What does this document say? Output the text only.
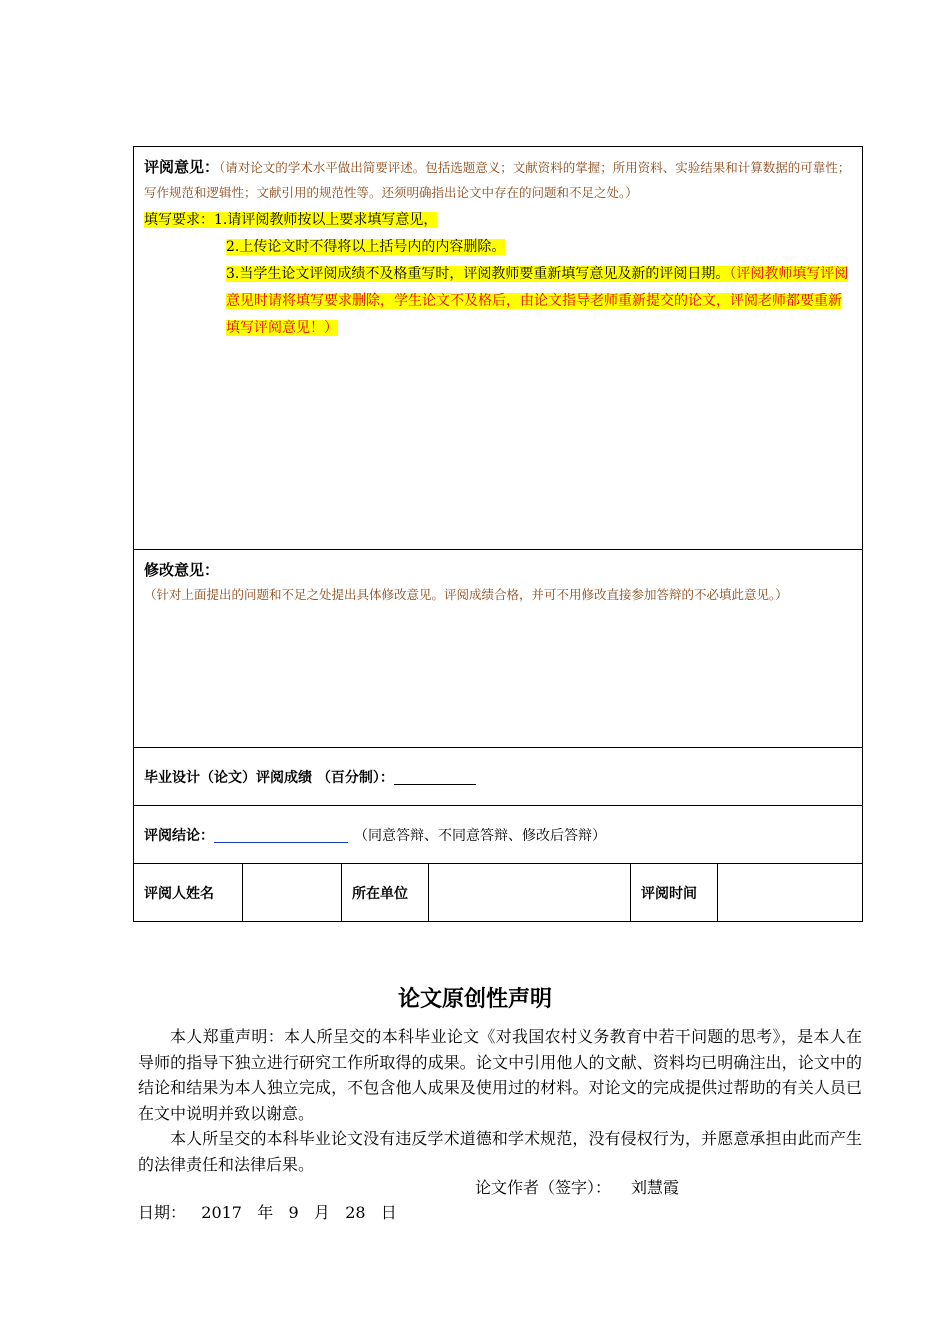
评阅意见：（请对论文的学术水平做出简要评述。包括选题意义；文献资料的掌握；所用资料、实验结果和计算数据的可靠性；写作规范和逻辑性；文献引用的规范性等。还须明确指出论文中存在的问题和不足之处。）
填写要求：1.请评阅教师按以上要求填写意见，
2.上传论文时不得将以上括号内的内容删除。
3.当学生论文评阅成绩不及格重写时，评阅教师要重新填写意见及新的评阅日期。（评阅教师填写评阅意见时请将填写要求删除，学生论文不及格后，由论文指导老师重新提交的论文，评阅老师都要重新填写评阅意见！）

修改意见：（针对上面提出的问题和不足之处提出具体修改意见。评阅成绩合格，并可不用修改直接参加答辩的不必填此意见。）

毕业设计（论文）评阅成绩 （百分制）：

评阅结论：	（同意答辩、不同意答辩、修改后答辩）

评阅人姓名		所在单位		评阅时间

论文原创性声明

本人郑重声明：本人所呈交的本科毕业论文《对我国农村义务教育中若干问题的思考》，是本人在导师的指导下独立进行研究工作所取得的成果。论文中引用他人的文献、资料均已明确注出，论文中的结论和结果为本人独立完成，不包含他人成果及使用过的材料。对论文的完成提供过帮助的有关人员已在文中说明并致以谢意。

本人所呈交的本科毕业论文没有违反学术道德和学术规范，没有侵权行为，并愿意承担由此而产生的法律责任和法律后果。

论文作者（签字）： 刘慧霞
日期：   2017   年   9   月   28   日
